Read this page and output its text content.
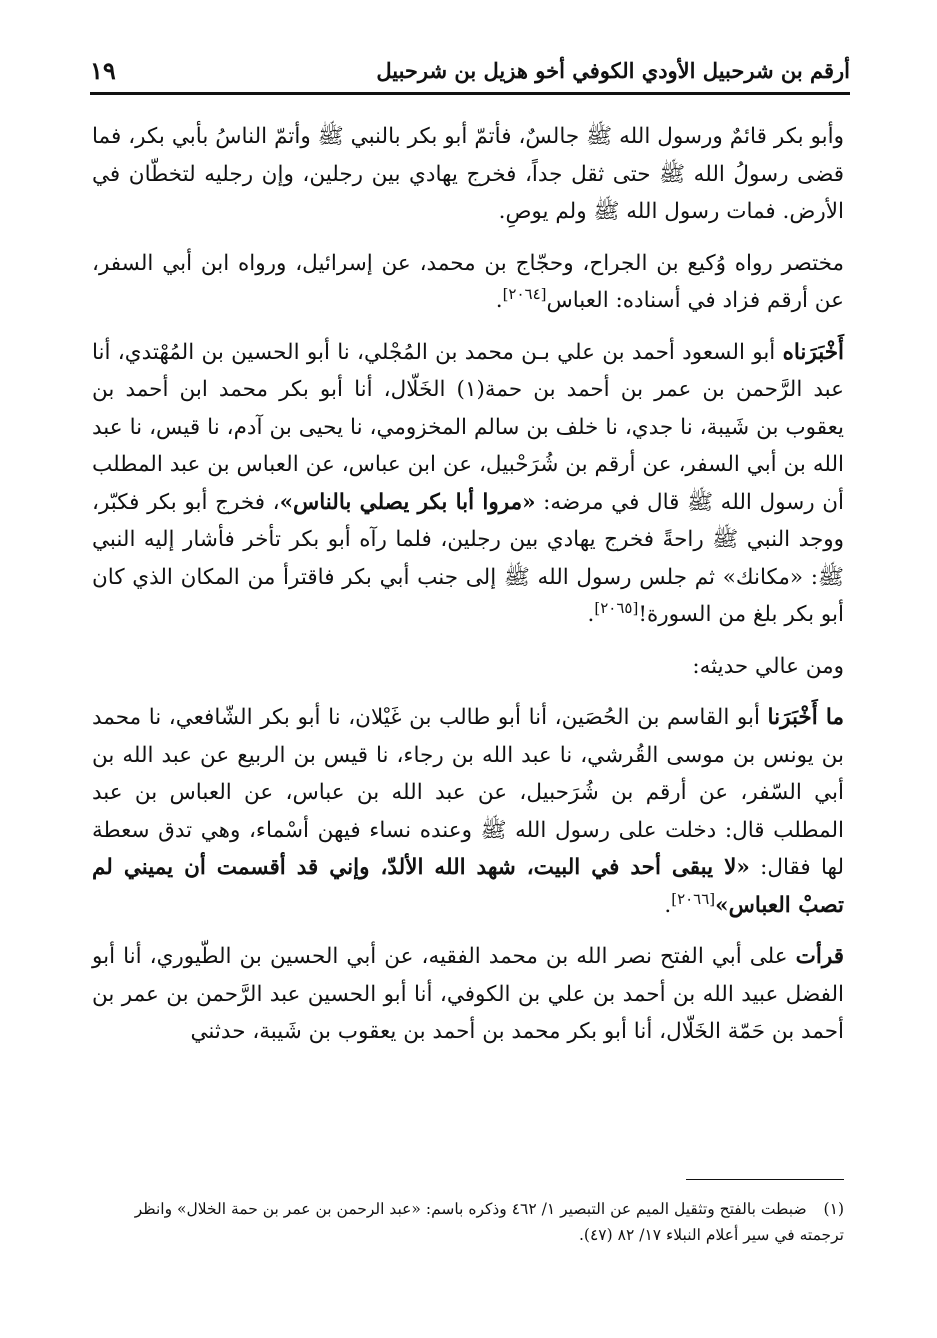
أرقم بن شرحبيل الأودي الكوفي أخو هزيل بن شرحبيل
١٩

وأبو بكر قائمٌ ورسول الله ﷺ جالسٌ، فأتمّ أبو بكر بالنبي ﷺ وأتمّ الناسُ بأبي بكر، فما قضى رسولُ الله ﷺ حتى ثقل جداً، فخرج يهادي بين رجلين، وإن رجليه لتخطّان في الأرض. فمات رسول الله ﷺ ولم يوصِ.

مختصر رواه وُكيع بن الجراح، وحجّاج بن محمد، عن إسرائيل، ورواه ابن أبي السفر، عن أرقم فزاد في أسناده: العباس[٢٠٦٤].

أَخْبَرَناه أبو السعود أحمد بن علي بـن محمد بن المُجْلي، نا أبو الحسين بن المُهْتدي، أنا عبد الرَّحمن بن عمر بن أحمد بن حمة(١) الخَلّال، أنا أبو بكر محمد ابن أحمد بن يعقوب بن شَيبة، نا جدي، نا خلف بن سالم المخزومي، نا يحيى بن آدم، نا قيس، نا عبد الله بن أبي السفر، عن أرقم بن شُرَحْبيل، عن ابن عباس، عن العباس بن عبد المطلب أن رسول الله ﷺ قال في مرضه: «مروا أبا بكر يصلي بالناس»، فخرج أبو بكر فكبّر، ووجد النبي ﷺ راحةً فخرج يهادي بين رجلين، فلما رآه أبو بكر تأخر فأشار إليه النبي ﷺ: «مكانك» ثم جلس رسول الله ﷺ إلى جنب أبي بكر فاقترأ من المكان الذي كان أبو بكر بلغ من السورة![٢٠٦٥].

ومن عالي حديثه:

ما أَخْبَرَنا أبو القاسم بن الحُصَين، أنا أبو طالب بن غَيْلان، نا أبو بكر الشّافعي، نا محمد بن يونس بن موسى القُرشي، نا عبد الله بن رجاء، نا قيس بن الربيع عن عبد الله بن أبي السّفر، عن أرقم بن شُرَحبيل، عن عبد الله بن عباس، عن العباس بن عبد المطلب قال: دخلت على رسول الله ﷺ وعنده نساء فيهن أسْماء، وهي تدق سعطة لها فقال: «لا يبقى أحد في البيت، شهد الله الألدّ، وإني قد أقسمت أن يميني لم تصبْ العباس»[٢٠٦٦].

قرأت على أبي الفتح نصر الله بن محمد الفقيه، عن أبي الحسين بن الطّيوري، أنا أبو الفضل عبيد الله بن أحمد بن علي بن الكوفي، أنا أبو الحسين عبد الرَّحمن بن عمر بن أحمد بن حَمّة الخَلّال، أنا أبو بكر محمد بن أحمد بن يعقوب بن شَيبة، حدثني

(١) ضبطت بالفتح وتثقيل الميم عن التبصير ١/ ٤٦٢ وذكره باسم: «عبد الرحمن بن عمر بن حمة الخلال» وانظر ترجمته في سير أعلام النبلاء ١٧/ ٨٢ (٤٧).
